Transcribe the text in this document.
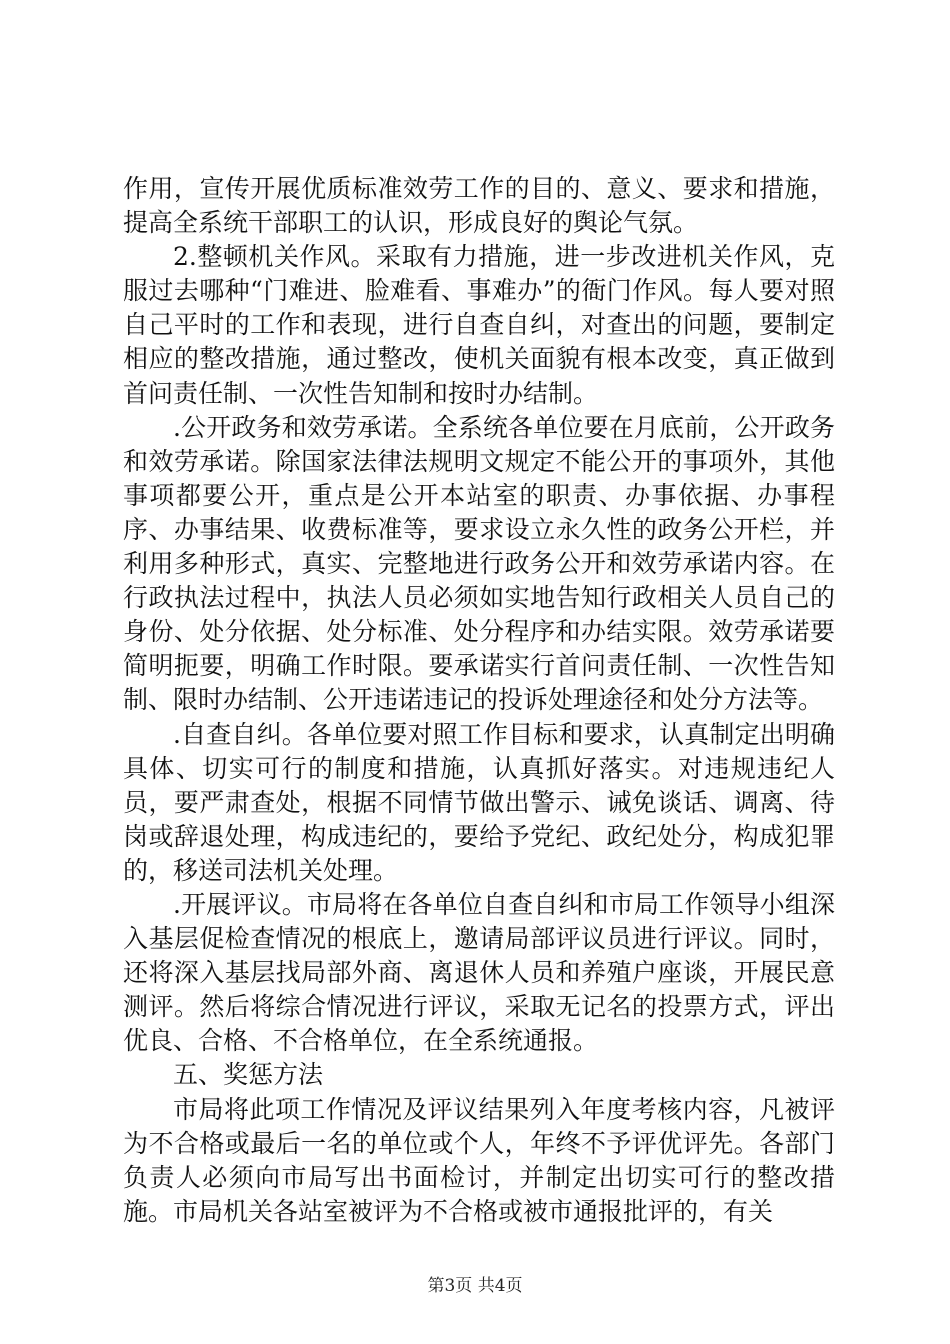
作用，宣传开展优质标准效劳工作的目的、意义、要求和措施，提高全系统干部职工的认识，形成良好的舆论气氛。

2.整顿机关作风。采取有力措施，进一步改进机关作风，克服过去哪种“门难进、脸难看、事难办”的衙门作风。每人要对照自己平时的工作和表现，进行自查自纠，对查出的问题，要制定相应的整改措施，通过整改，使机关面貌有根本改变，真正做到首问责任制、一次性告知制和按时办结制。

.公开政务和效劳承诺。全系统各单位要在月底前，公开政务和效劳承诺。除国家法律法规明文规定不能公开的事项外，其他事项都要公开，重点是公开本站室的职责、办事依据、办事程序、办事结果、收费标准等，要求设立永久性的政务公开栏，并利用多种形式，真实、完整地进行政务公开和效劳承诺内容。在行政执法过程中，执法人员必须如实地告知行政相关人员自己的身份、处分依据、处分标准、处分程序和办结实限。效劳承诺要简明扼要，明确工作时限。要承诺实行首问责任制、一次性告知制、限时办结制、公开违诺违记的投诉处理途径和处分方法等。

.自查自纠。各单位要对照工作目标和要求，认真制定出明确具体、切实可行的制度和措施，认真抓好落实。对违规违纪人员，要严肃查处，根据不同情节做出警示、诫免谈话、调离、待岗或辞退处理，构成违纪的，要给予党纪、政纪处分，构成犯罪的，移送司法机关处理。

.开展评议。市局将在各单位自查自纠和市局工作领导小组深入基层促检查情况的根底上，邀请局部评议员进行评议。同时，还将深入基层找局部外商、离退休人员和养殖户座谈，开展民意测评。然后将综合情况进行评议，采取无记名的投票方式，评出优良、合格、不合格单位，在全系统通报。

五、奖惩方法

市局将此项工作情况及评议结果列入年度考核内容，凡被评为不合格或最后一名的单位或个人，年终不予评优评先。各部门负责人必须向市局写出书面检讨，并制定出切实可行的整改措施。市局机关各站室被评为不合格或被市通报批评的，有关

第3页 共4页
